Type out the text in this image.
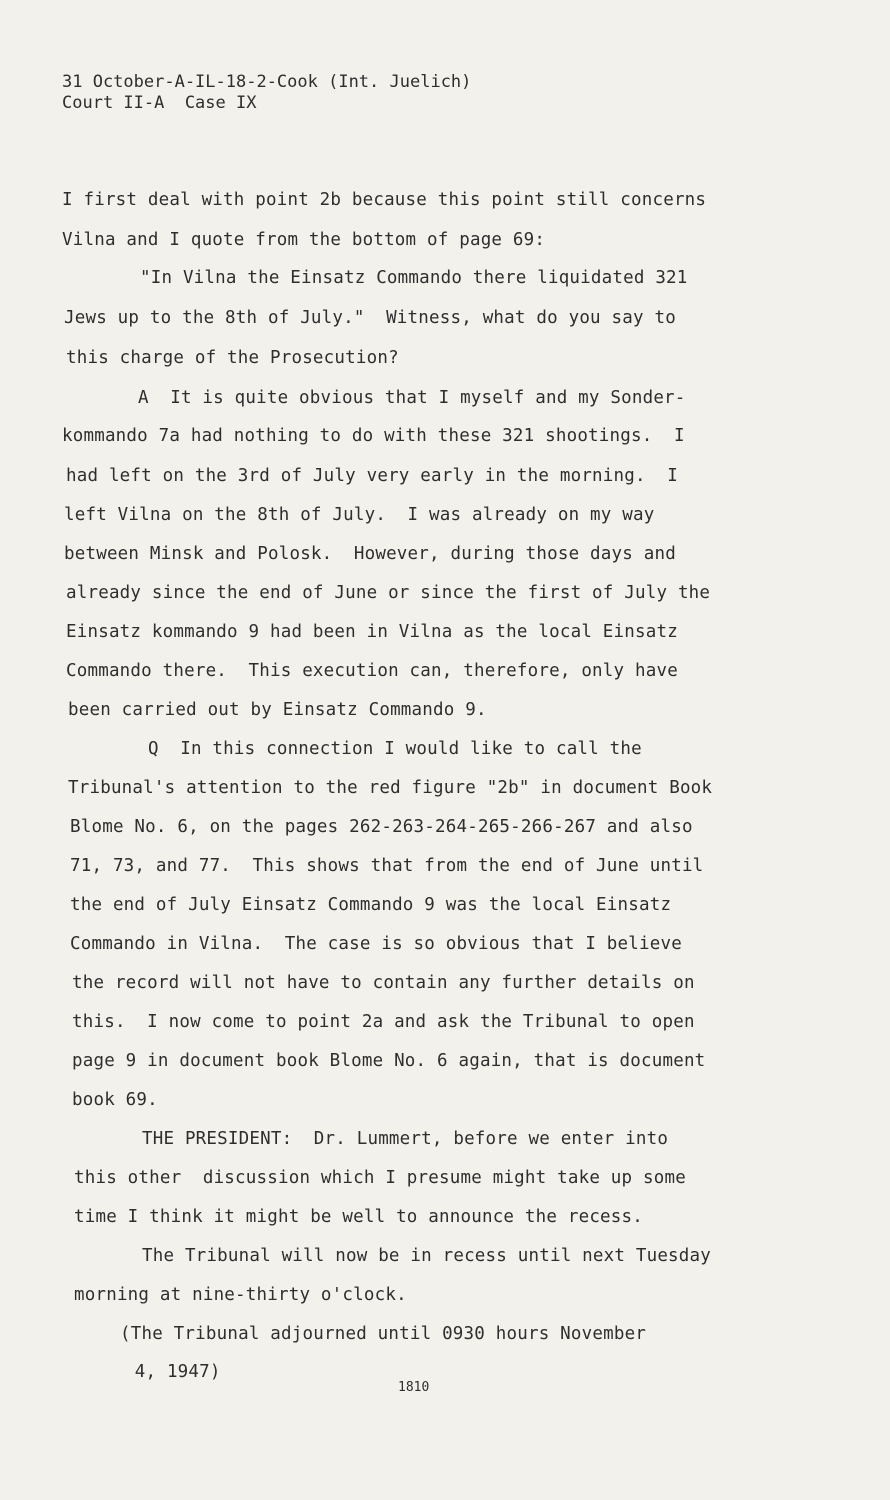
31 October-A-IL-18-2-Cook (Int. Juelich)
Court II-A  Case IX
I first deal with point 2b because this point still concerns
Vilna and I quote from the bottom of page 69:
"In Vilna the Einsatz Commando there liquidated 321
Jews up to the 8th of July."  Witness, what do you say to
this charge of the Prosecution?
A  It is quite obvious that I myself and my Sonder-
kommando 7a had nothing to do with these 321 shootings.  I
had left on the 3rd of July very early in the morning.  I
left Vilna on the 8th of July.  I was already on my way
between Minsk and Polosk.  However, during those days and
already since the end of June or since the first of July the
Einsatz kommando 9 had been in Vilna as the local Einsatz
Commando there.  This execution can, therefore, only have
been carried out by Einsatz Commando 9.
Q  In this connection I would like to call the
Tribunal's attention to the red figure "2b" in document Book
Blome No. 6, on the pages 262-263-264-265-266-267 and also
71, 73, and 77.  This shows that from the end of June until
the end of July Einsatz Commando 9 was the local Einsatz
Commando in Vilna.  The case is so obvious that I believe
the record will not have to contain any further details on
this.  I now come to point 2a and ask the Tribunal to open
page 9 in document book Blome No. 6 again, that is document
book 69.
THE PRESIDENT:  Dr. Lummert, before we enter into
this other  discussion which I presume might take up some
time I think it might be well to announce the recess.
The Tribunal will now be in recess until next Tuesday
morning at nine-thirty o'clock.
(The Tribunal adjourned until 0930 hours November
4, 1947)
1810
